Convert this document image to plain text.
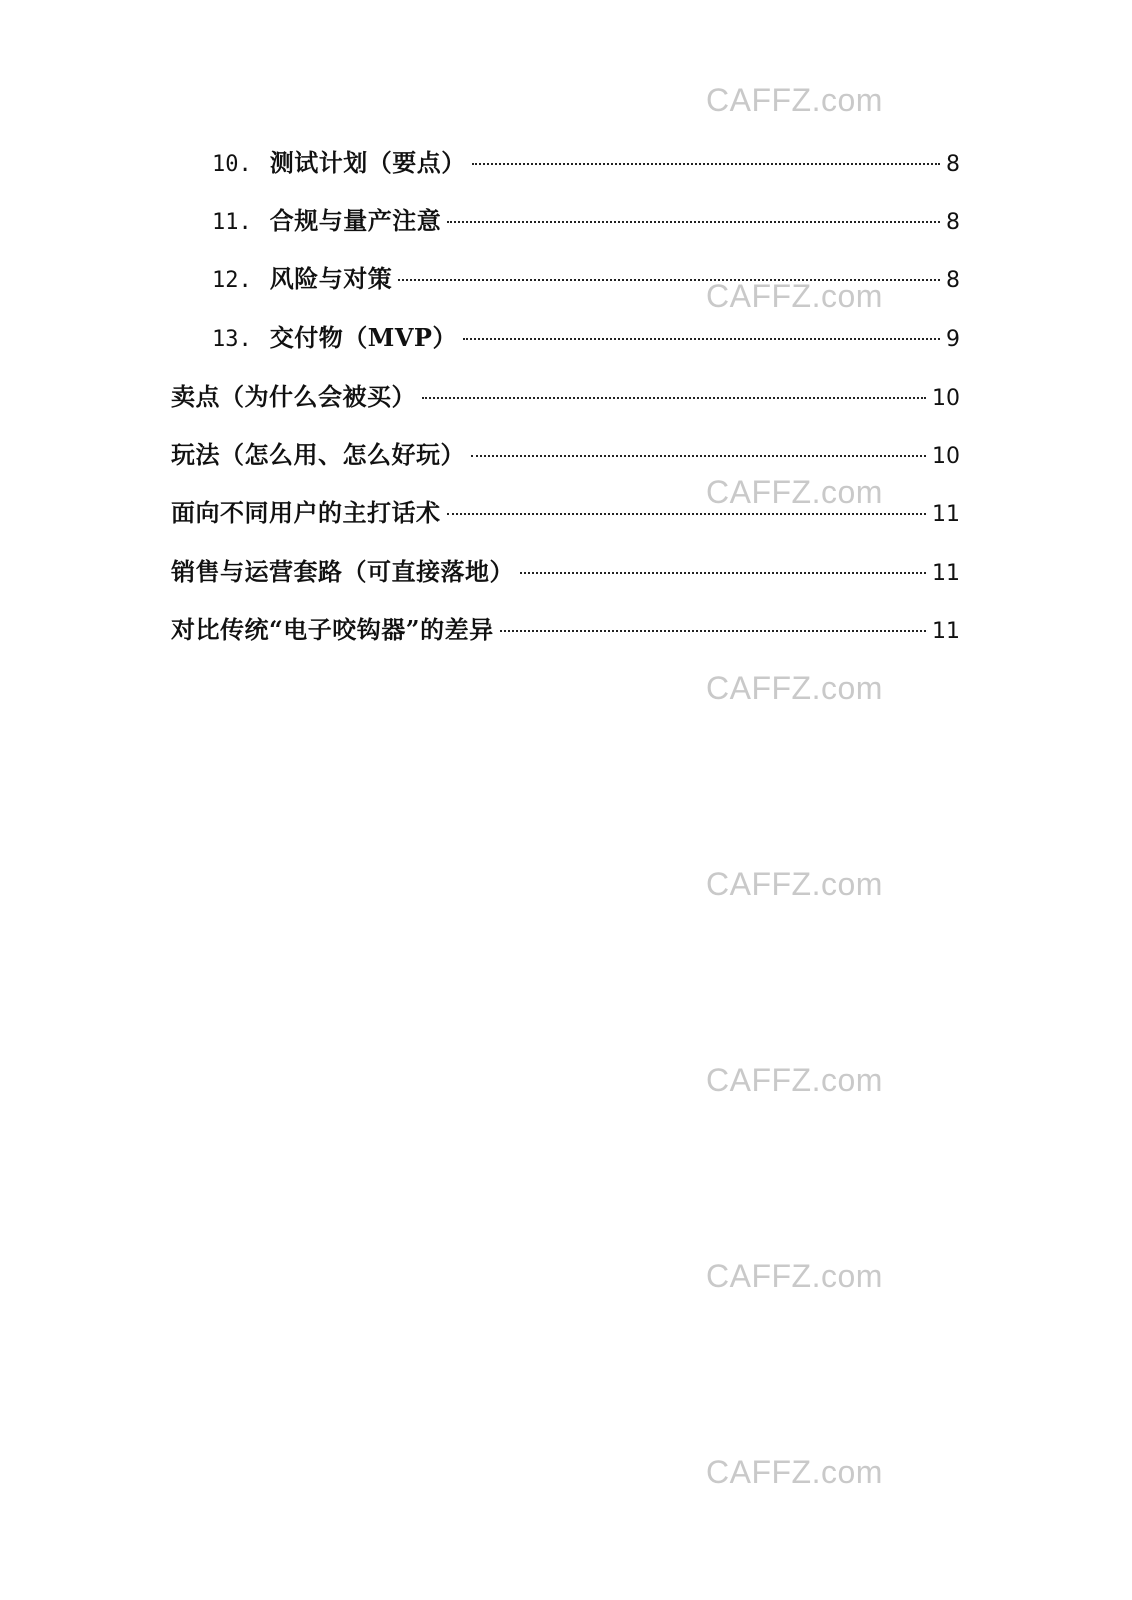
10. 测试计划（要点）	8
11. 合规与量产注意	8
12. 风险与对策	8
13. 交付物（MVP）	9
卖点（为什么会被买）	10
玩法（怎么用、怎么好玩）	10
面向不同用户的主打话术	11
销售与运营套路（可直接落地）	11
对比传统“电子咬钩器”的差异	11
CAFFZ.com
CAFFZ.com
CAFFZ.com
CAFFZ.com
CAFFZ.com
CAFFZ.com
CAFFZ.com
CAFFZ.com
